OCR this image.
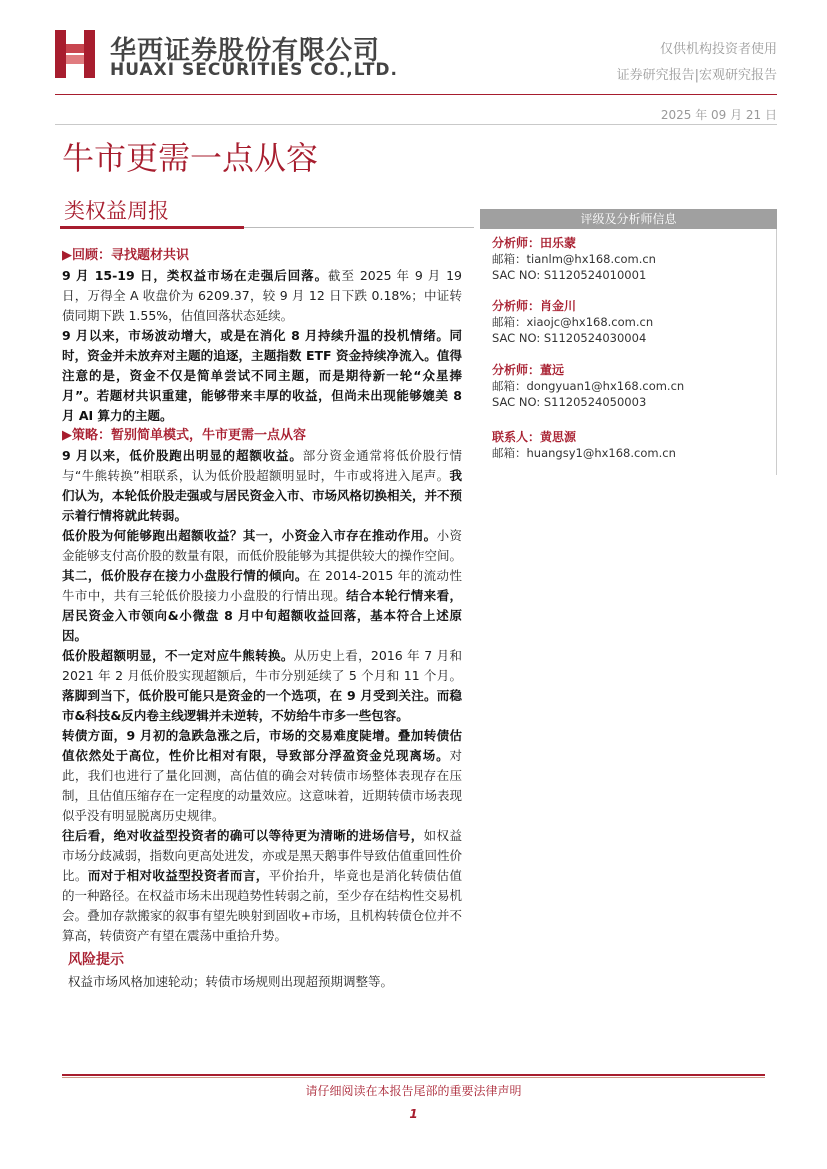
华西证券股份有限公司
HUAXI SECURITIES CO.,LTD.
仅供机构投资者使用
证券研究报告|宏观研究报告
2025 年 09 月 21 日
牛市更需一点从容
类权益周报	评级及分析师信息
分析师：田乐蒙
邮箱：tianlm@hx168.com.cn
SAC NO: S1120524010001
分析师：肖金川
邮箱：xiaojc@hx168.com.cn
SAC NO: S1120524030004
分析师：董远
邮箱：dongyuan1@hx168.com.cn
SAC NO: S1120524050003
联系人：黄思源
邮箱：huangsy1@hx168.com.cn
▶回顾：寻找题材共识

9 月 15-19 日，类权益市场在走强后回落。截至 2025 年 9 月 19 日，万得全 A 收盘价为 6209.37，较 9 月 12 日下跌 0.18%；中证转债同期下跌 1.55%，估值回落状态延续。

9 月以来，市场波动增大，或是在消化 8 月持续升温的投机情绪。同时，资金并未放弃对主题的追逐，主题指数 ETF 资金持续净流入。值得注意的是，资金不仅是简单尝试不同主题，而是期待新一轮“众星捧月”。若题材共识重建，能够带来丰厚的收益，但尚未出现能够媲美 8 月 AI 算力的主题。

▶策略：暂别简单模式，牛市更需一点从容

9 月以来，低价股跑出明显的超额收益。部分资金通常将低价股行情与“牛熊转换”相联系，认为低价股超额明显时，牛市或将进入尾声。我们认为，本轮低价股走强或与居民资金入市、市场风格切换相关，并不预示着行情将就此转弱。

低价股为何能够跑出超额收益？其一，小资金入市存在推动作用。小资金能够支付高价股的数量有限，而低价股能够为其提供较大的操作空间。其二，低价股存在接力小盘股行情的倾向。在 2014-2015 年的流动性牛市中，共有三轮低价股接力小盘股的行情出现。结合本轮行情来看，居民资金入市领向&小微盘 8 月中旬超额收益回落，基本符合上述原因。

低价股超额明显，不一定对应牛熊转换。从历史上看，2016 年 7 月和 2021 年 2 月低价股实现超额后，牛市分别延续了 5 个月和 11 个月。落脚到当下，低价股可能只是资金的一个选项，在 9 月受到关注。而稳市&科技&反内卷主线逻辑并未逆转，不妨给牛市多一些包容。

转债方面，9 月初的急跌急涨之后，市场的交易难度陡增。叠加转债估值依然处于高位，性价比相对有限，导致部分浮盈资金兑现离场。对此，我们也进行了量化回测，高估值的确会对转债市场整体表现存在压制，且估值压缩存在一定程度的动量效应。这意味着，近期转债市场表现似乎没有明显脱离历史规律。

往后看，绝对收益型投资者的确可以等待更为清晰的进场信号，如权益市场分歧减弱，指数向更高处进发，亦或是黑天鹅事件导致估值重回性价比。而对于相对收益型投资者而言，平价抬升，毕竟也是消化转债估值的一种路径。在权益市场未出现趋势性转弱之前，至少存在结构性交易机会。叠加存款搬家的叙事有望先映射到固收+市场，且机构转债仓位并不算高，转债资产有望在震荡中重拾升势。

风险提示
权益市场风格加速轮动；转债市场规则出现超预期调整等。
请仔细阅读在本报告尾部的重要法律声明
1
